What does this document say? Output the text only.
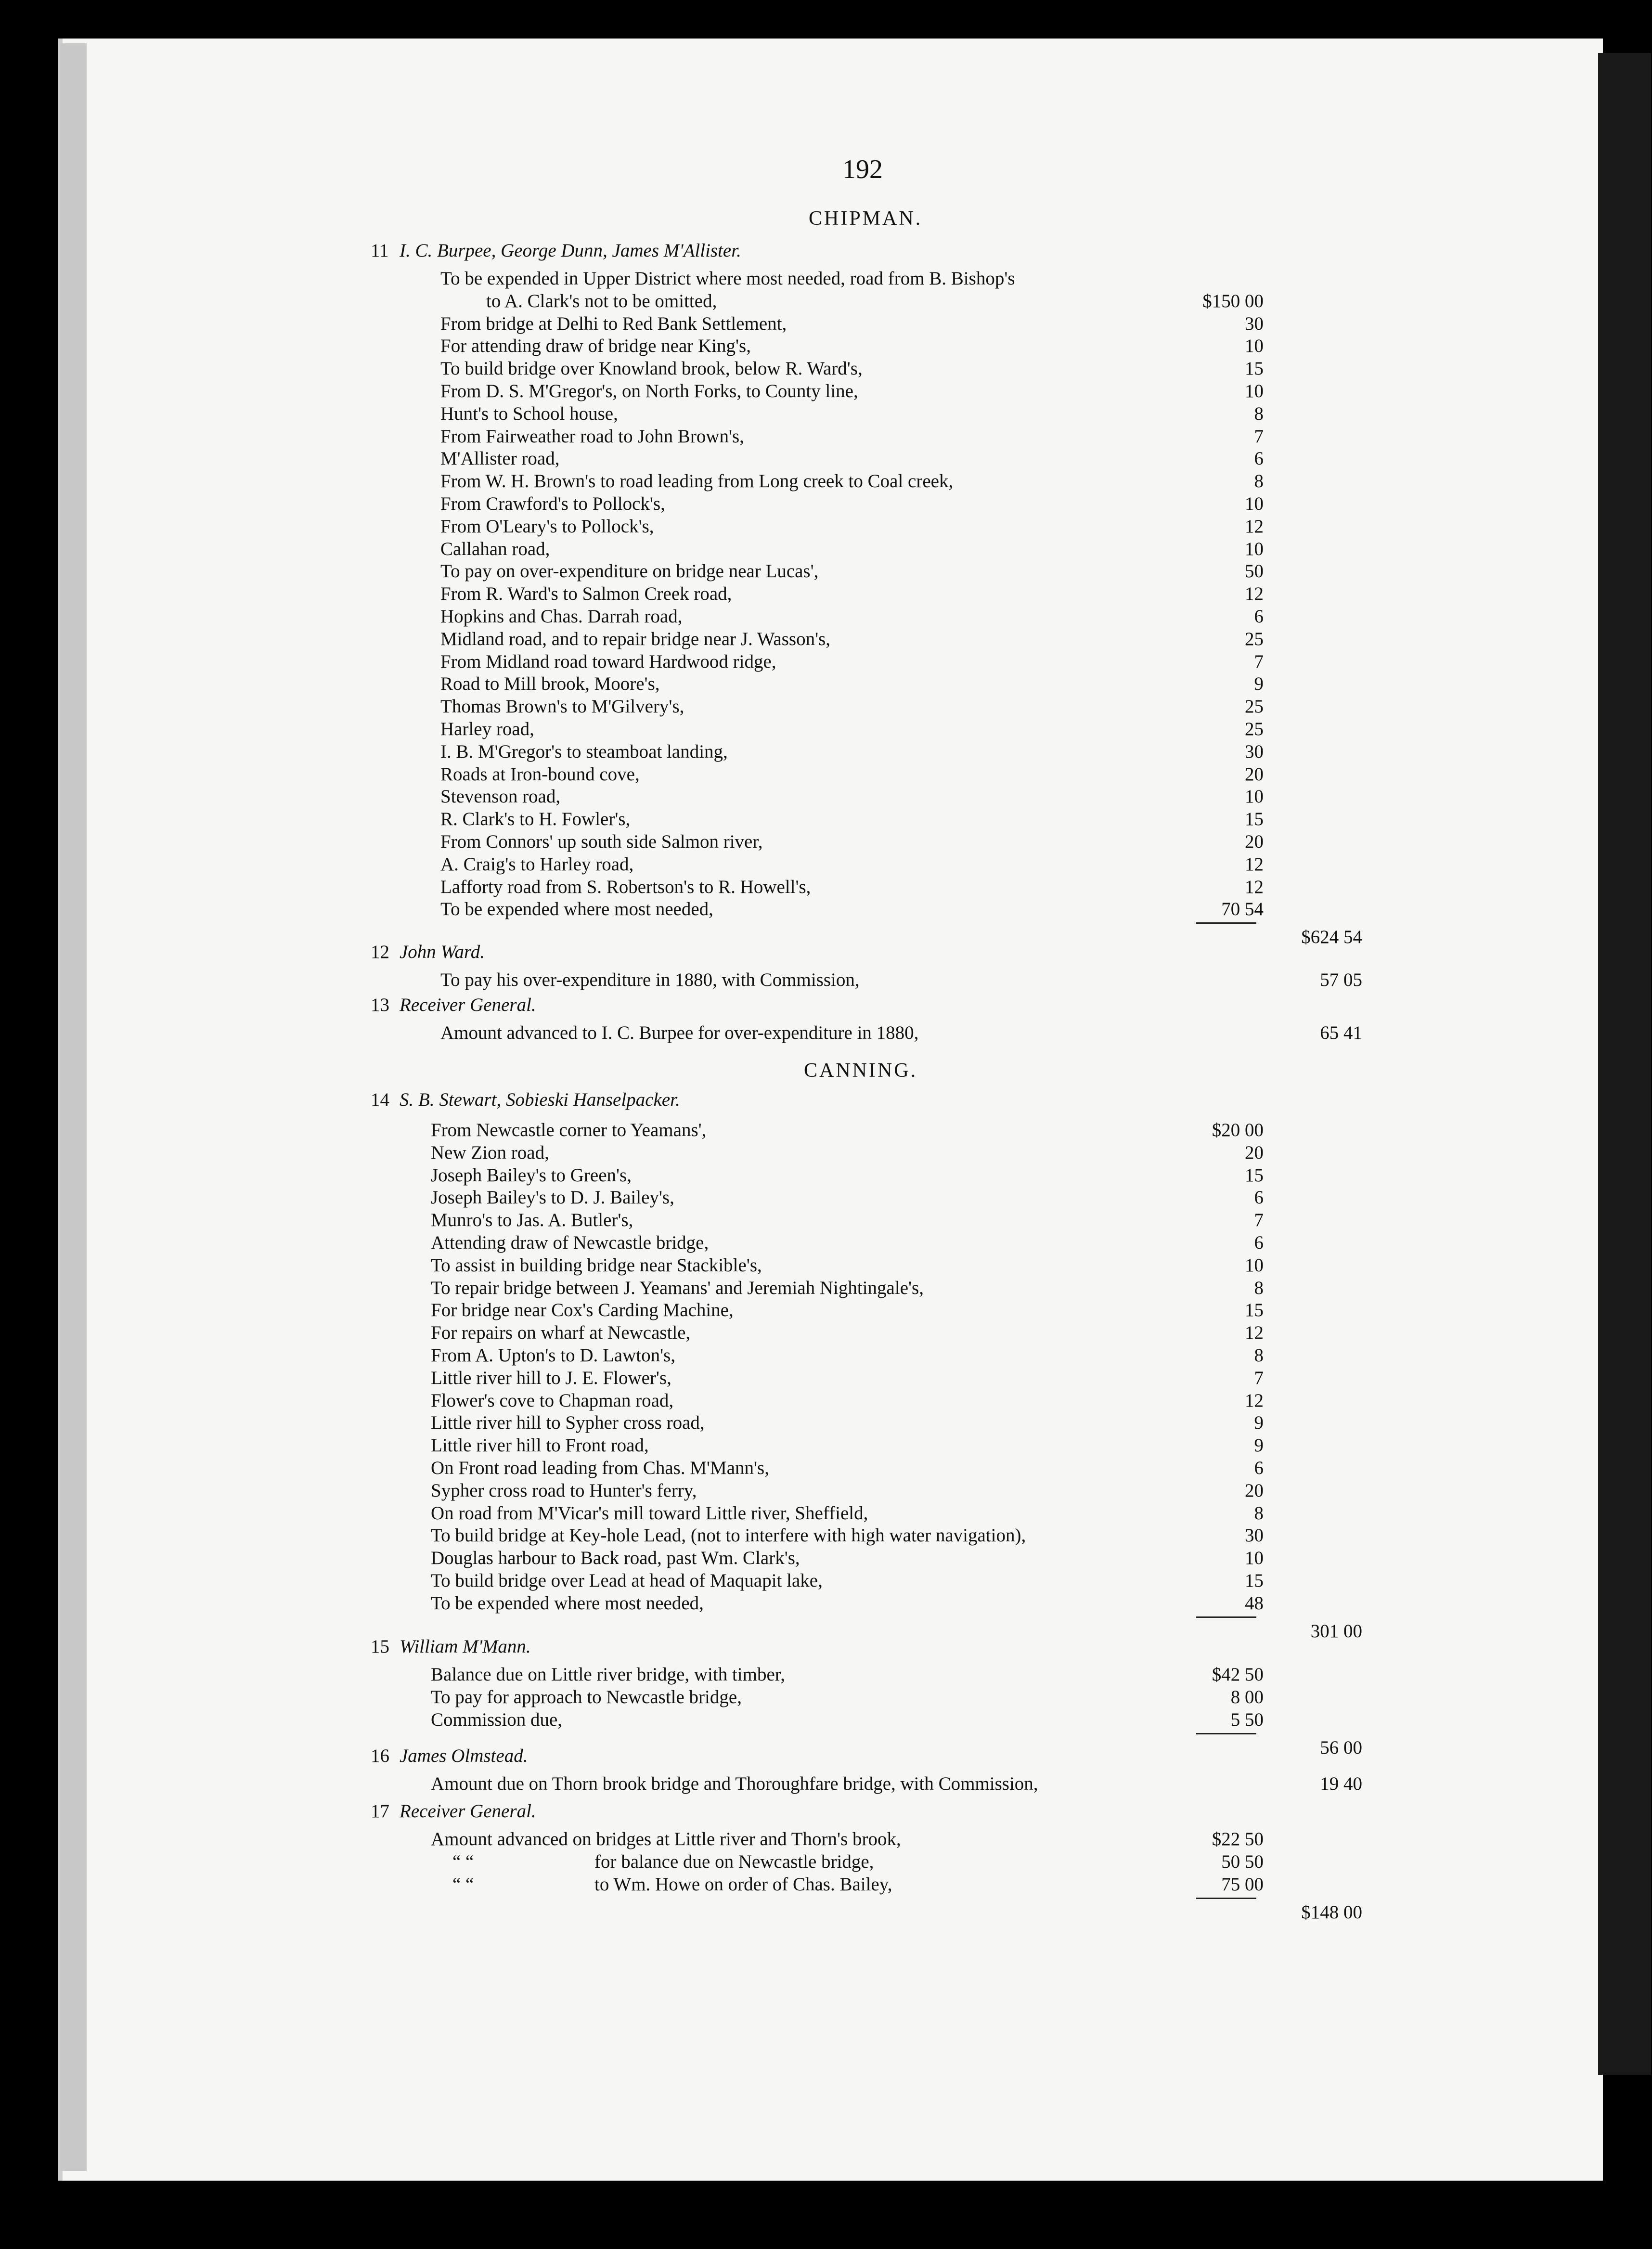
192
CHIPMAN.
11 I. C. Burpee, George Dunn, James M'Allister.
To be expended in Upper District where most needed, road from B. Bishop's
to A. Clark's not to be omitted,	$150 00
From bridge at Delhi to Red Bank Settlement,	30
For attending draw of bridge near King's,	10
To build bridge over Knowland brook, below R. Ward's,	15
From D. S. M'Gregor's, on North Forks, to County line,	10
Hunt's to School house,	8
From Fairweather road to John Brown's,	7
M'Allister road,	6
From W. H. Brown's to road leading from Long creek to Coal creek,	8
From Crawford's to Pollock's,	10
From O'Leary's to Pollock's,	12
Callahan road,	10
To pay on over-expenditure on bridge near Lucas',	50
From R. Ward's to Salmon Creek road,	12
Hopkins and Chas. Darrah road,	6
Midland road, and to repair bridge near J. Wasson's,	25
From Midland road toward Hardwood ridge,	7
Road to Mill brook, Moore's,	9
Thomas Brown's to M'Gilvery's,	25
Harley road,	25
I. B. M'Gregor's to steamboat landing,	30
Roads at Iron-bound cove,	20
Stevenson road,	10
R. Clark's to H. Fowler's,	15
From Connors' up south side Salmon river,	20
A. Craig's to Harley road,	12
Lafforty road from S. Robertson's to R. Howell's,	12
To be expended where most needed,	70 54
$624 54
12 John Ward.
To pay his over-expenditure in 1880, with Commission,	57 05
13 Receiver General.
Amount advanced to I. C. Burpee for over-expenditure in 1880,	65 41
CANNING.
14 S. B. Stewart, Sobieski Hanselpacker.
From Newcastle corner to Yeamans',	$20 00
New Zion road,	20
Joseph Bailey's to Green's,	15
Joseph Bailey's to D. J. Bailey's,	6
Munro's to Jas. A. Butler's,	7
Attending draw of Newcastle bridge,	6
To assist in building bridge near Stackible's,	10
To repair bridge between J. Yeamans' and Jeremiah Nightingale's,	8
For bridge near Cox's Carding Machine,	15
For repairs on wharf at Newcastle,	12
From A. Upton's to D. Lawton's,	8
Little river hill to J. E. Flower's,	7
Flower's cove to Chapman road,	12
Little river hill to Sypher cross road,	9
Little river hill to Front road,	9
On Front road leading from Chas. M'Mann's,	6
Sypher cross road to Hunter's ferry,	20
On road from M'Vicar's mill toward Little river, Sheffield,	8
To build bridge at Key-hole Lead, (not to interfere with high water navigation),	30
Douglas harbour to Back road, past Wm. Clark's,	10
To build bridge over Lead at head of Maquapit lake,	15
To be expended where most needed,	48
301 00
15 William M'Mann.
Balance due on Little river bridge, with timber,	$42 50
To pay for approach to Newcastle bridge,	8 00
Commission due,	5 50
56 00
16 James Olmstead.
Amount due on Thorn brook bridge and Thoroughfare bridge, with Commission,	19 40
17 Receiver General.
Amount advanced on bridges at Little river and Thorn's brook,	$22 50
“ “	for balance due on Newcastle bridge,	50 50
“ “	to Wm. Howe on order of Chas. Bailey,	75 00
$148 00
